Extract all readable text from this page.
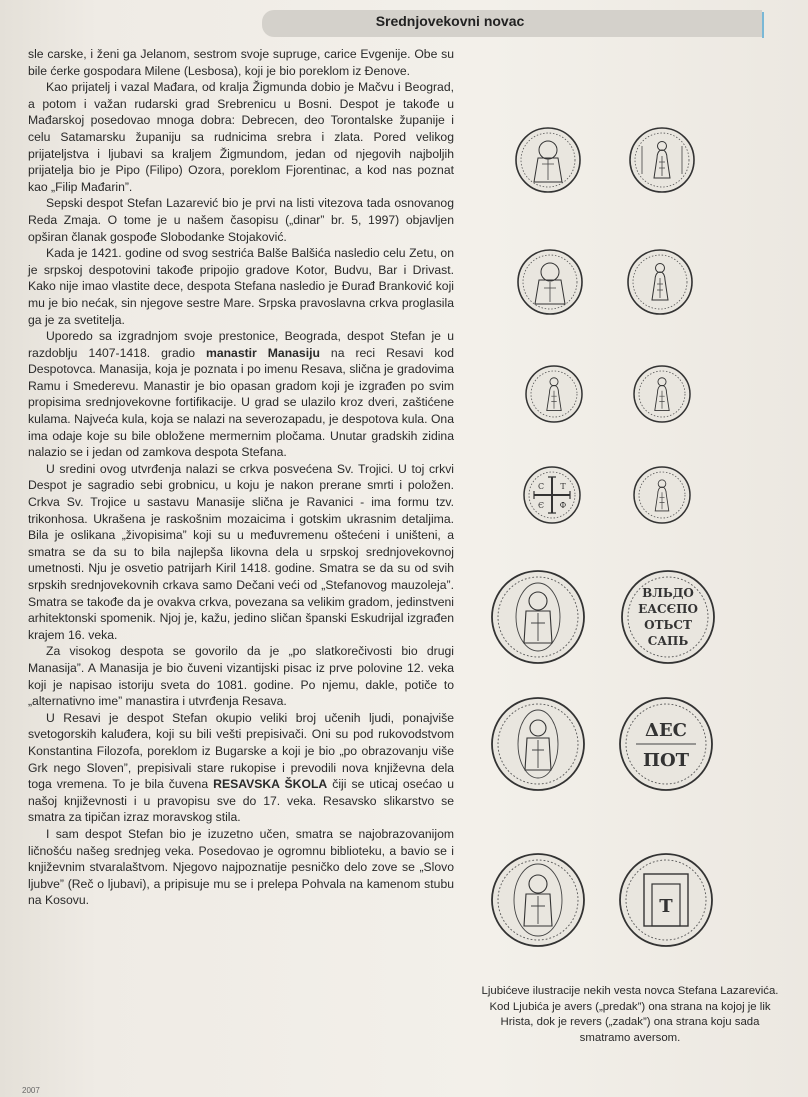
Srednjovekovni novac

sle carske, i ženi ga Jelanom, sestrom svoje supruge, carice Evgenije. Obe su bile ćerke gospodara Milene (Lesbosa), koji je bio poreklom iz Đenove.

Kao prijatelj i vazal Mađara, od kralja Žigmunda dobio je Mačvu i Beograd, a potom i važan rudarski grad Srebrenicu u Bosni. Despot je takođe u Mađarskoj posedovao mnoga dobra: Debrecen, deo Torontalske županije i celu Satamarsku županiju sa rudnicima srebra i zlata. Pored velikog prijateljstva i ljubavi sa kraljem Žigmundom, jedan od njegovih najboljih prijatelja bio je Pipo (Filipo) Ozora, poreklom Fjorentinac, a kod nas poznat kao „Filip Mađarin”.

Sepski despot Stefan Lazarević bio je prvi na listi vitezova tada osnovanog Reda Zmaja. O tome je u našem časopisu („dinar” br. 5, 1997) objavljen opširan članak gospođe Slobodanke Stojaković.

Kada je 1421. godine od svog sestrića Balše Balšića nasledio celu Zetu, on je srpskoj despotovini takođe pripojio gradove Kotor, Budvu, Bar i Drivast. Kako nije imao vlastite dece, despota Stefana nasledio je Đurađ Branković koji mu je bio nećak, sin njegove sestre Mare. Srpska pravoslavna crkva proglasila ga je za svetitelja.

Uporedo sa izgradnjom svoje prestonice, Beograda, despot Stefan je u razdoblju 1407-1418. gradio manastir Manasiju na reci Resavi kod Despotovca. Manasija, koja je poznata i po imenu Resava, slična je gradovima Ramu i Smederevu. Manastir je bio opasan gradom koji je izgrađen po svim propisima srednjovekovne fortifikacije. U grad se ulazilo kroz dveri, zaštićene kulama. Najveća kula, koja se nalazi na severozapadu, je despotova kula. Ona ima odaje koje su bile obložene mermernim pločama. Unutar gradskih zidina nalazio se i jedan od zamkova despota Stefana.

U sredini ovog utvrđenja nalazi se crkva posvećena Sv. Trojici. U toj crkvi Despot je sagradio sebi grobnicu, u koju je nakon prerane smrti i položen. Crkva Sv. Trojice u sastavu Manasije slična je Ravanici - ima formu tzv. trikonhosa. Ukrašena je raskošnim mozaicima i gotskim ukrasnim detaljima. Bila je oslikana „živopisima” koji su u međuvremenu oštećeni i uništeni, a smatra se da su to bila najlepša likovna dela u srpskoj srednjovekovnoj umetnosti. Nju je osvetio patrijarh Kiril 1418. godine. Smatra se da su od svih srpskih srednjovekovnih crkava samo Dečani veći od „Stefanovog mauzoleja”. Smatra se takođe da je ovakva crkva, povezana sa velikim gradom, jedinstveni arhitektonski spomenik. Njoj je, kažu, jedino sličan španski Eskudrijal izgrađen krajem 16. veka.

Za visokog despota se govorilo da je „po slatkorečivosti bio drugi Manasija”. A Manasija je bio čuveni vizantijski pisac iz prve polovine 12. veka koji je napisao istoriju sveta do 1081. godine. Po njemu, dakle, potiče to „alternativno ime” manastira i utvrđenja Resava.

U Resavi je despot Stefan okupio veliki broj učenih ljudi, ponajviše svetogorskih kaluđera, koji su bili vešti prepisivači. Oni su pod rukovodstvom Konstantina Filozofa, poreklom iz Bugarske a koji je bio „po obrazovanju više Grk nego Sloven”, prepisivali stare rukopise i prevodili nova književna dela toga vremena. To je bila čuvena RESAVSKA ŠKOLA čiji se uticaj osećao u našoj književnosti i u pravopisu sve do 17. veka. Resavsko slikarstvo se smatra za tipičan izraz moravskog stila.

I sam despot Stefan bio je izuzetno učen, smatra se najobrazovanijom ličnošću našeg srednjeg veka. Posedovao je ogromnu biblioteku, a bavio se i književnim stvaralaštvom. Njegovo najpoznatije pesničko delo zove se „Slovo ljubve” (Reč o ljubavi), a pripisuje mu se i prelepa Pohvala na kamenom stubu na Kosovu.

С Т
Є Ф
ВЛЬДО
ЕАСЄПО
ОТЬСТ
САПЬ
ΔΕС
ΠΟΤ
Т
Ljubićeve ilustracije nekih vesta novca Stefana Lazarevića. Kod Ljubića je avers („predak”) ona strana na kojoj je lik Hrista, dok je revers („zadak”) ona strana koju sada smatramo aversom.
2007
